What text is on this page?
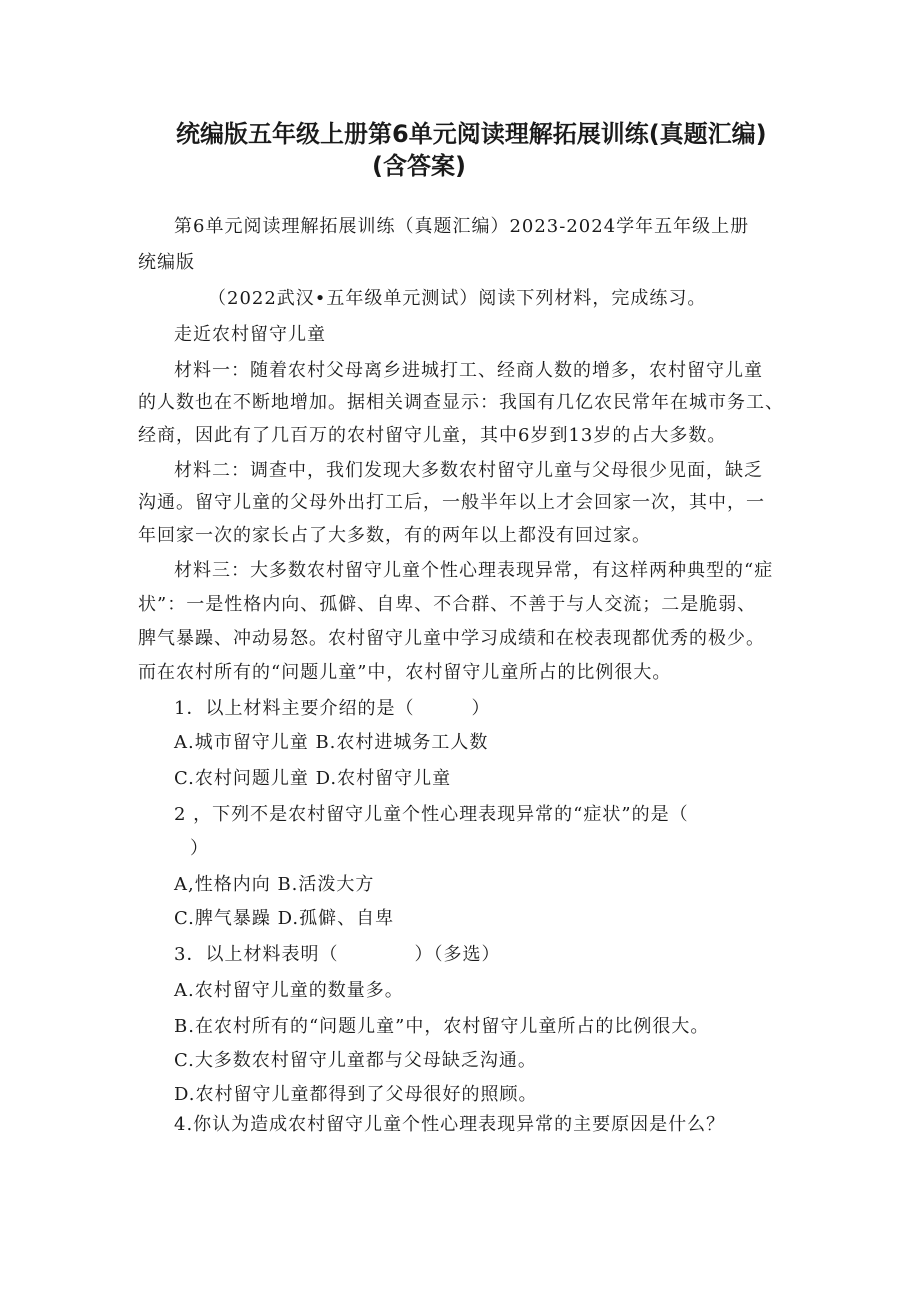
统编版五年级上册第6单元阅读理解拓展训练(真题汇编)
(含答案)
第6单元阅读理解拓展训练（真题汇编）2023-2024学年五年级上册
统编版
（2022武汉•五年级单元测试）阅读下列材料，完成练习。
走近农村留守儿童
材料一：随着农村父母离乡进城打工、经商人数的增多，农村留守儿童
的人数也在不断地增加。据相关调查显示：我国有几亿农民常年在城市务工、
经商，因此有了几百万的农村留守儿童，其中6岁到13岁的占大多数。
材料二：调查中，我们发现大多数农村留守儿童与父母很少见面，缺乏
沟通。留守儿童的父母外出打工后，一般半年以上才会回家一次，其中，一
年回家一次的家长占了大多数，有的两年以上都没有回过家。
材料三：大多数农村留守儿童个性心理表现异常，有这样两种典型的“症
状”：一是性格内向、孤僻、自卑、不合群、不善于与人交流；二是脆弱、
脾气暴躁、冲动易怒。农村留守儿童中学习成绩和在校表现都优秀的极少。
而在农村所有的“问题儿童”中，农村留守儿童所占的比例很大。
1．以上材料主要介绍的是（　　　）
A.城市留守儿童 B.农村进城务工人数
C.农村问题儿童 D.农村留守儿童
2 ，下列不是农村留守儿童个性心理表现异常的“症状”的是（
）
A,性格内向 B.活泼大方
C.脾气暴躁 D.孤僻、自卑
3．以上材料表明（　　　　）（多选）
A.农村留守儿童的数量多。
B.在农村所有的“问题儿童”中，农村留守儿童所占的比例很大。
C.大多数农村留守儿童都与父母缺乏沟通。
D.农村留守儿童都得到了父母很好的照顾。
4.你认为造成农村留守儿童个性心理表现异常的主要原因是什么？
